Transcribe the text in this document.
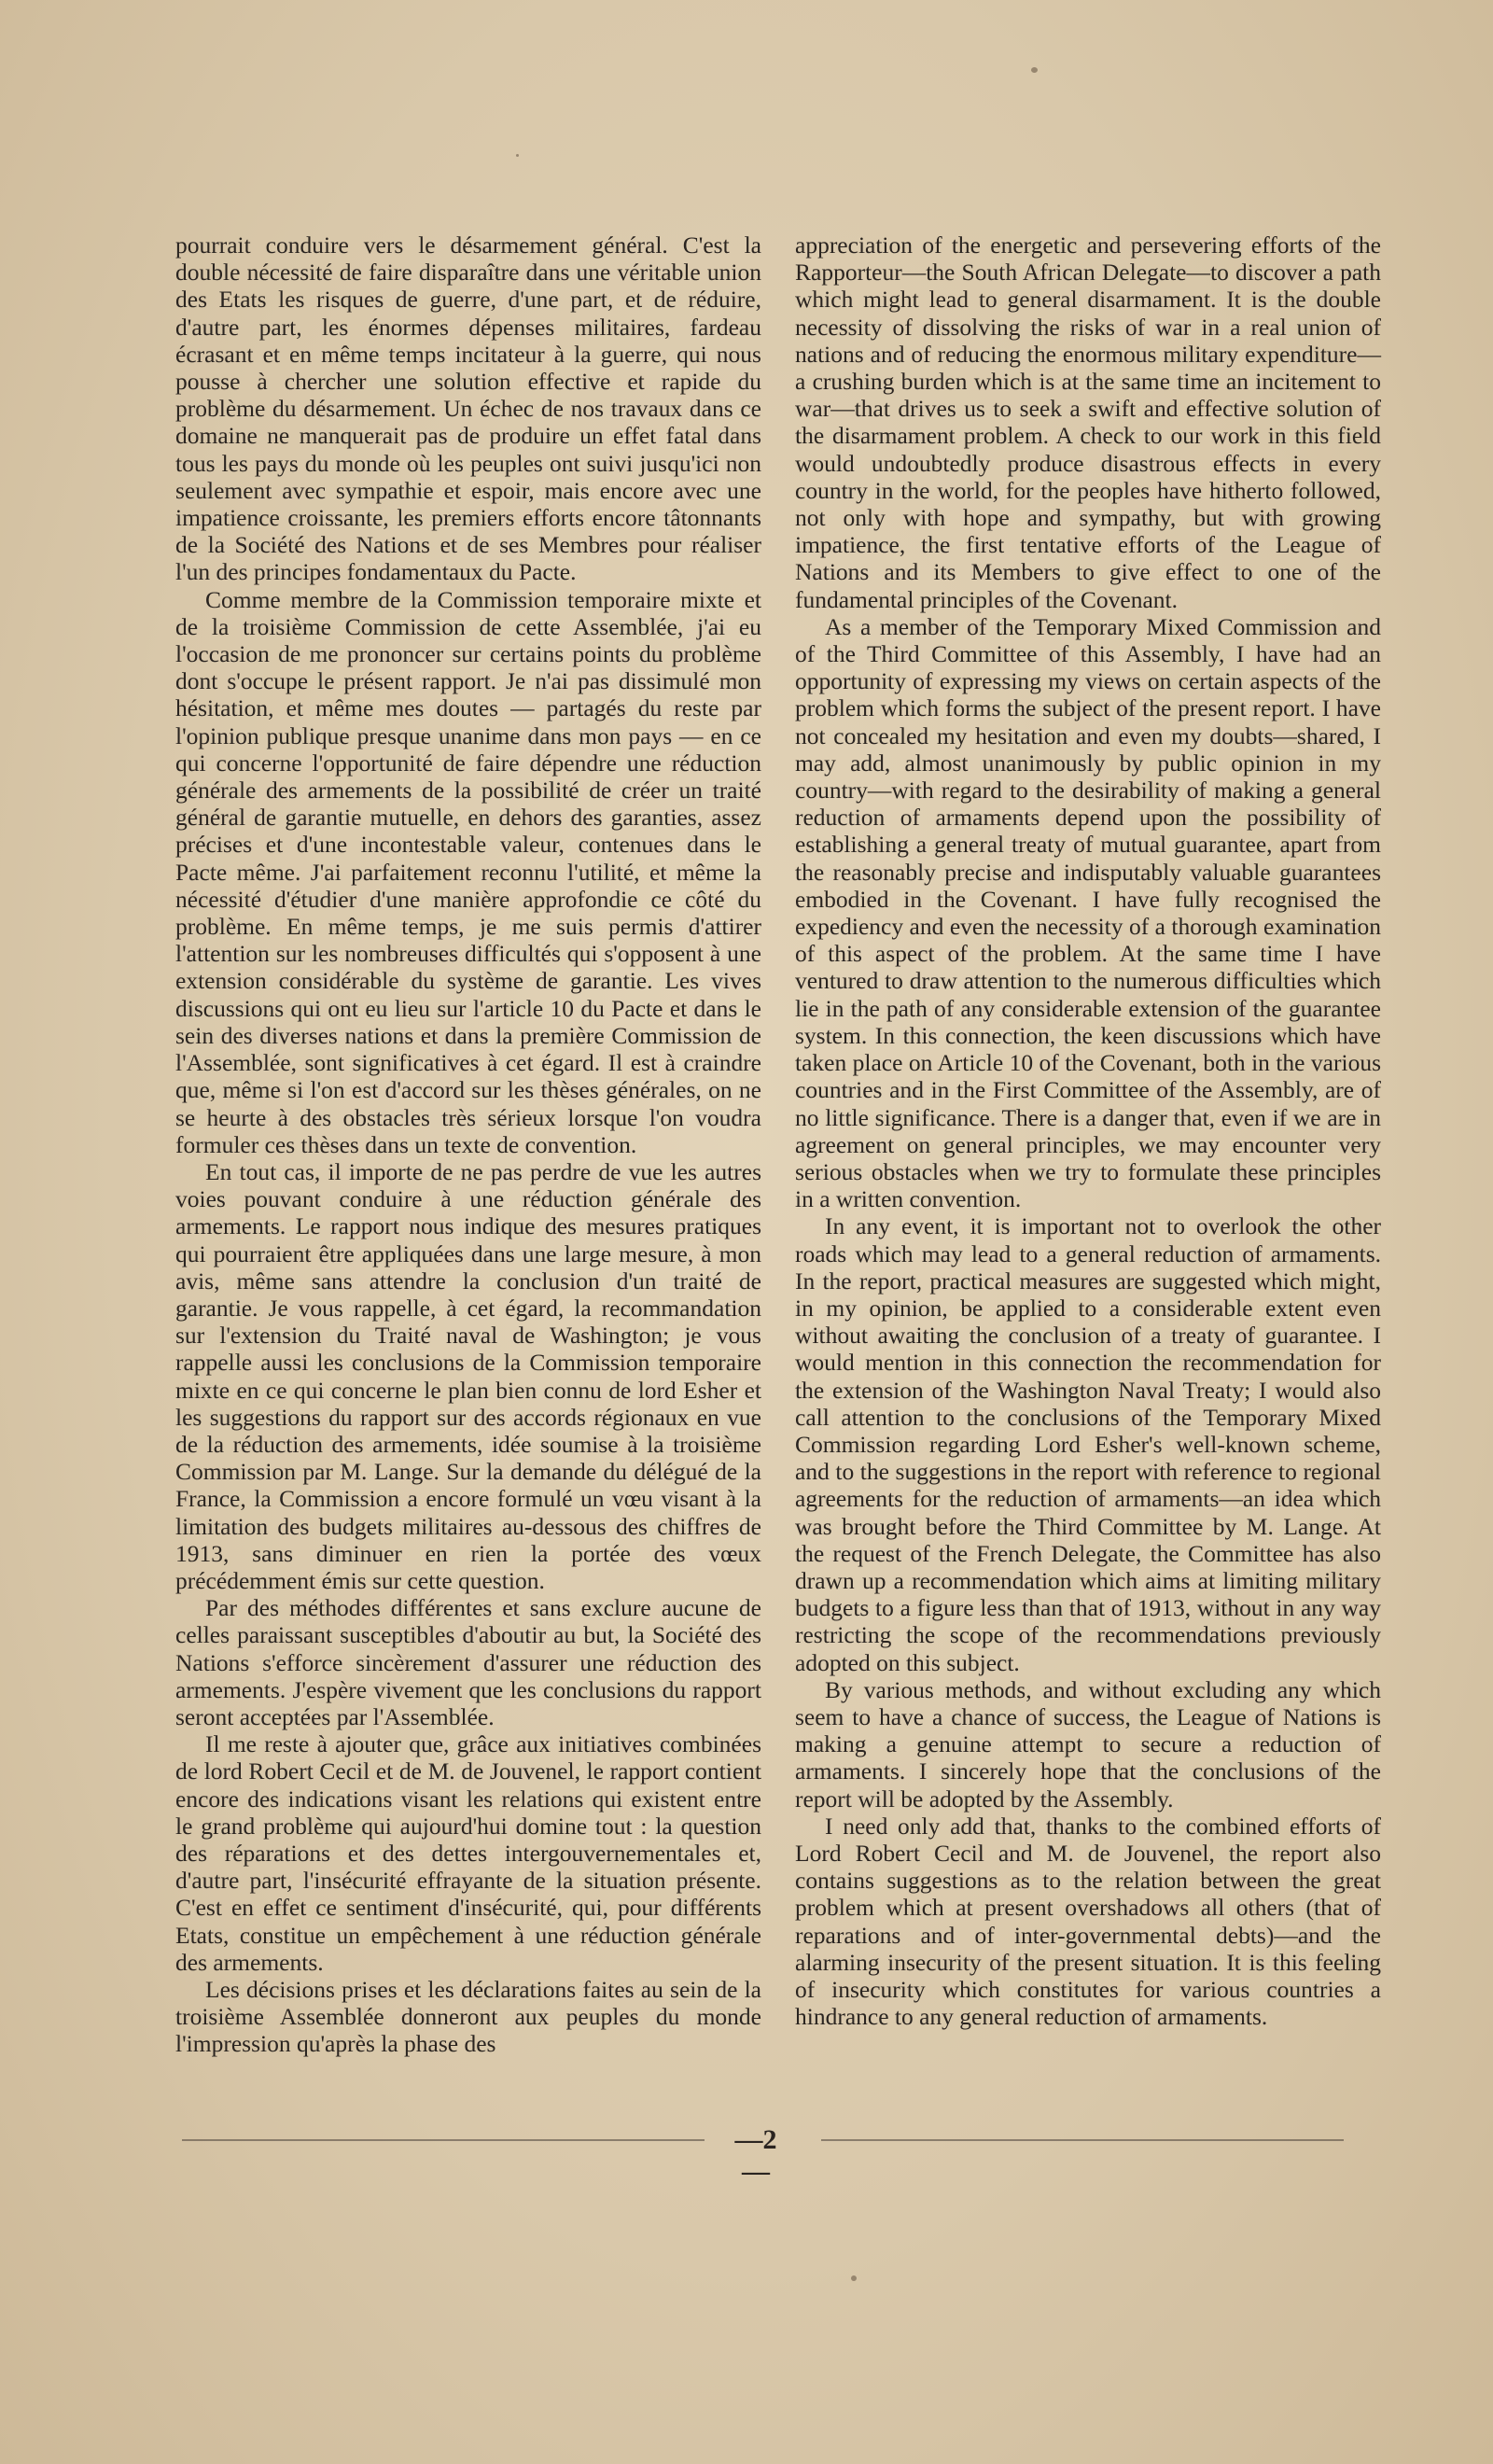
pourrait conduire vers le désarmement général. C'est la double nécessité de faire disparaître dans une véritable union des Etats les risques de guerre, d'une part, et de réduire, d'autre part, les énormes dépenses militaires, fardeau écrasant et en même temps incitateur à la guerre, qui nous pousse à chercher une solution effective et rapide du problème du désarmement. Un échec de nos travaux dans ce domaine ne manquerait pas de produire un effet fatal dans tous les pays du monde où les peuples ont suivi jusqu'ici non seulement avec sympathie et espoir, mais encore avec une impatience croissante, les premiers efforts encore tâtonnants de la Société des Nations et de ses Membres pour réaliser l'un des principes fondamentaux du Pacte.

Comme membre de la Commission temporaire mixte et de la troisième Commission de cette Assemblée, j'ai eu l'occasion de me prononcer sur certains points du problème dont s'occupe le présent rapport. Je n'ai pas dissimulé mon hésitation, et même mes doutes — partagés du reste par l'opinion publique presque unanime dans mon pays — en ce qui concerne l'opportunité de faire dépendre une réduction générale des armements de la possibilité de créer un traité général de garantie mutuelle, en dehors des garanties, assez précises et d'une incontestable valeur, contenues dans le Pacte même. J'ai parfaitement reconnu l'utilité, et même la nécessité d'étudier d'une manière approfondie ce côté du problème. En même temps, je me suis permis d'attirer l'attention sur les nombreuses difficultés qui s'opposent à une extension considérable du système de garantie. Les vives discussions qui ont eu lieu sur l'article 10 du Pacte et dans le sein des diverses nations et dans la première Commission de l'Assemblée, sont significatives à cet égard. Il est à craindre que, même si l'on est d'accord sur les thèses générales, on ne se heurte à des obstacles très sérieux lorsque l'on voudra formuler ces thèses dans un texte de convention.

En tout cas, il importe de ne pas perdre de vue les autres voies pouvant conduire à une réduction générale des armements. Le rapport nous indique des mesures pratiques qui pourraient être appliquées dans une large mesure, à mon avis, même sans attendre la conclusion d'un traité de garantie. Je vous rappelle, à cet égard, la recommandation sur l'extension du Traité naval de Washington; je vous rappelle aussi les conclusions de la Commission temporaire mixte en ce qui concerne le plan bien connu de lord Esher et les suggestions du rapport sur des accords régionaux en vue de la réduction des armements, idée soumise à la troisième Commission par M. Lange. Sur la demande du délégué de la France, la Commission a encore formulé un vœu visant à la limitation des budgets militaires au-dessous des chiffres de 1913, sans diminuer en rien la portée des vœux précédemment émis sur cette question.

Par des méthodes différentes et sans exclure aucune de celles paraissant susceptibles d'aboutir au but, la Société des Nations s'efforce sincèrement d'assurer une réduction des armements. J'espère vivement que les conclusions du rapport seront acceptées par l'Assemblée.

Il me reste à ajouter que, grâce aux initiatives combinées de lord Robert Cecil et de M. de Jouvenel, le rapport contient encore des indications visant les relations qui existent entre le grand problème qui aujourd'hui domine tout : la question des réparations et des dettes intergouvernementales et, d'autre part, l'insécurité effrayante de la situation présente. C'est en effet ce sentiment d'insécurité, qui, pour différents Etats, constitue un empêchement à une réduction générale des armements.

Les décisions prises et les déclarations faites au sein de la troisième Assemblée donneront aux peuples du monde l'impression qu'après la phase des

appreciation of the energetic and persevering efforts of the Rapporteur—the South African Delegate—to discover a path which might lead to general disarmament. It is the double necessity of dissolving the risks of war in a real union of nations and of reducing the enormous military expenditure—a crushing burden which is at the same time an incitement to war—that drives us to seek a swift and effective solution of the disarmament problem. A check to our work in this field would undoubtedly produce disastrous effects in every country in the world, for the peoples have hitherto followed, not only with hope and sympathy, but with growing impatience, the first tentative efforts of the League of Nations and its Members to give effect to one of the fundamental principles of the Covenant.

As a member of the Temporary Mixed Commission and of the Third Committee of this Assembly, I have had an opportunity of expressing my views on certain aspects of the problem which forms the subject of the present report. I have not concealed my hesitation and even my doubts—shared, I may add, almost unanimously by public opinion in my country—with regard to the desirability of making a general reduction of armaments depend upon the possibility of establishing a general treaty of mutual guarantee, apart from the reasonably precise and indisputably valuable guarantees embodied in the Covenant. I have fully recognised the expediency and even the necessity of a thorough examination of this aspect of the problem. At the same time I have ventured to draw attention to the numerous difficulties which lie in the path of any considerable extension of the guarantee system. In this connection, the keen discussions which have taken place on Article 10 of the Covenant, both in the various countries and in the First Committee of the Assembly, are of no little significance. There is a danger that, even if we are in agreement on general principles, we may encounter very serious obstacles when we try to formulate these principles in a written convention.

In any event, it is important not to overlook the other roads which may lead to a general reduction of armaments. In the report, practical measures are suggested which might, in my opinion, be applied to a considerable extent even without awaiting the conclusion of a treaty of guarantee. I would mention in this connection the recommendation for the extension of the Washington Naval Treaty; I would also call attention to the conclusions of the Temporary Mixed Commission regarding Lord Esher's well-known scheme, and to the suggestions in the report with reference to regional agreements for the reduction of armaments—an idea which was brought before the Third Committee by M. Lange. At the request of the French Delegate, the Committee has also drawn up a recommendation which aims at limiting military budgets to a figure less than that of 1913, without in any way restricting the scope of the recommendations previously adopted on this subject.

By various methods, and without excluding any which seem to have a chance of success, the League of Nations is making a genuine attempt to secure a reduction of armaments. I sincerely hope that the conclusions of the report will be adopted by the Assembly.

I need only add that, thanks to the combined efforts of Lord Robert Cecil and M. de Jouvenel, the report also contains suggestions as to the relation between the great problem which at present overshadows all others (that of reparations and of inter-governmental debts)—and the alarming insecurity of the present situation. It is this feeling of insecurity which constitutes for various countries a hindrance to any general reduction of armaments.

—2—
